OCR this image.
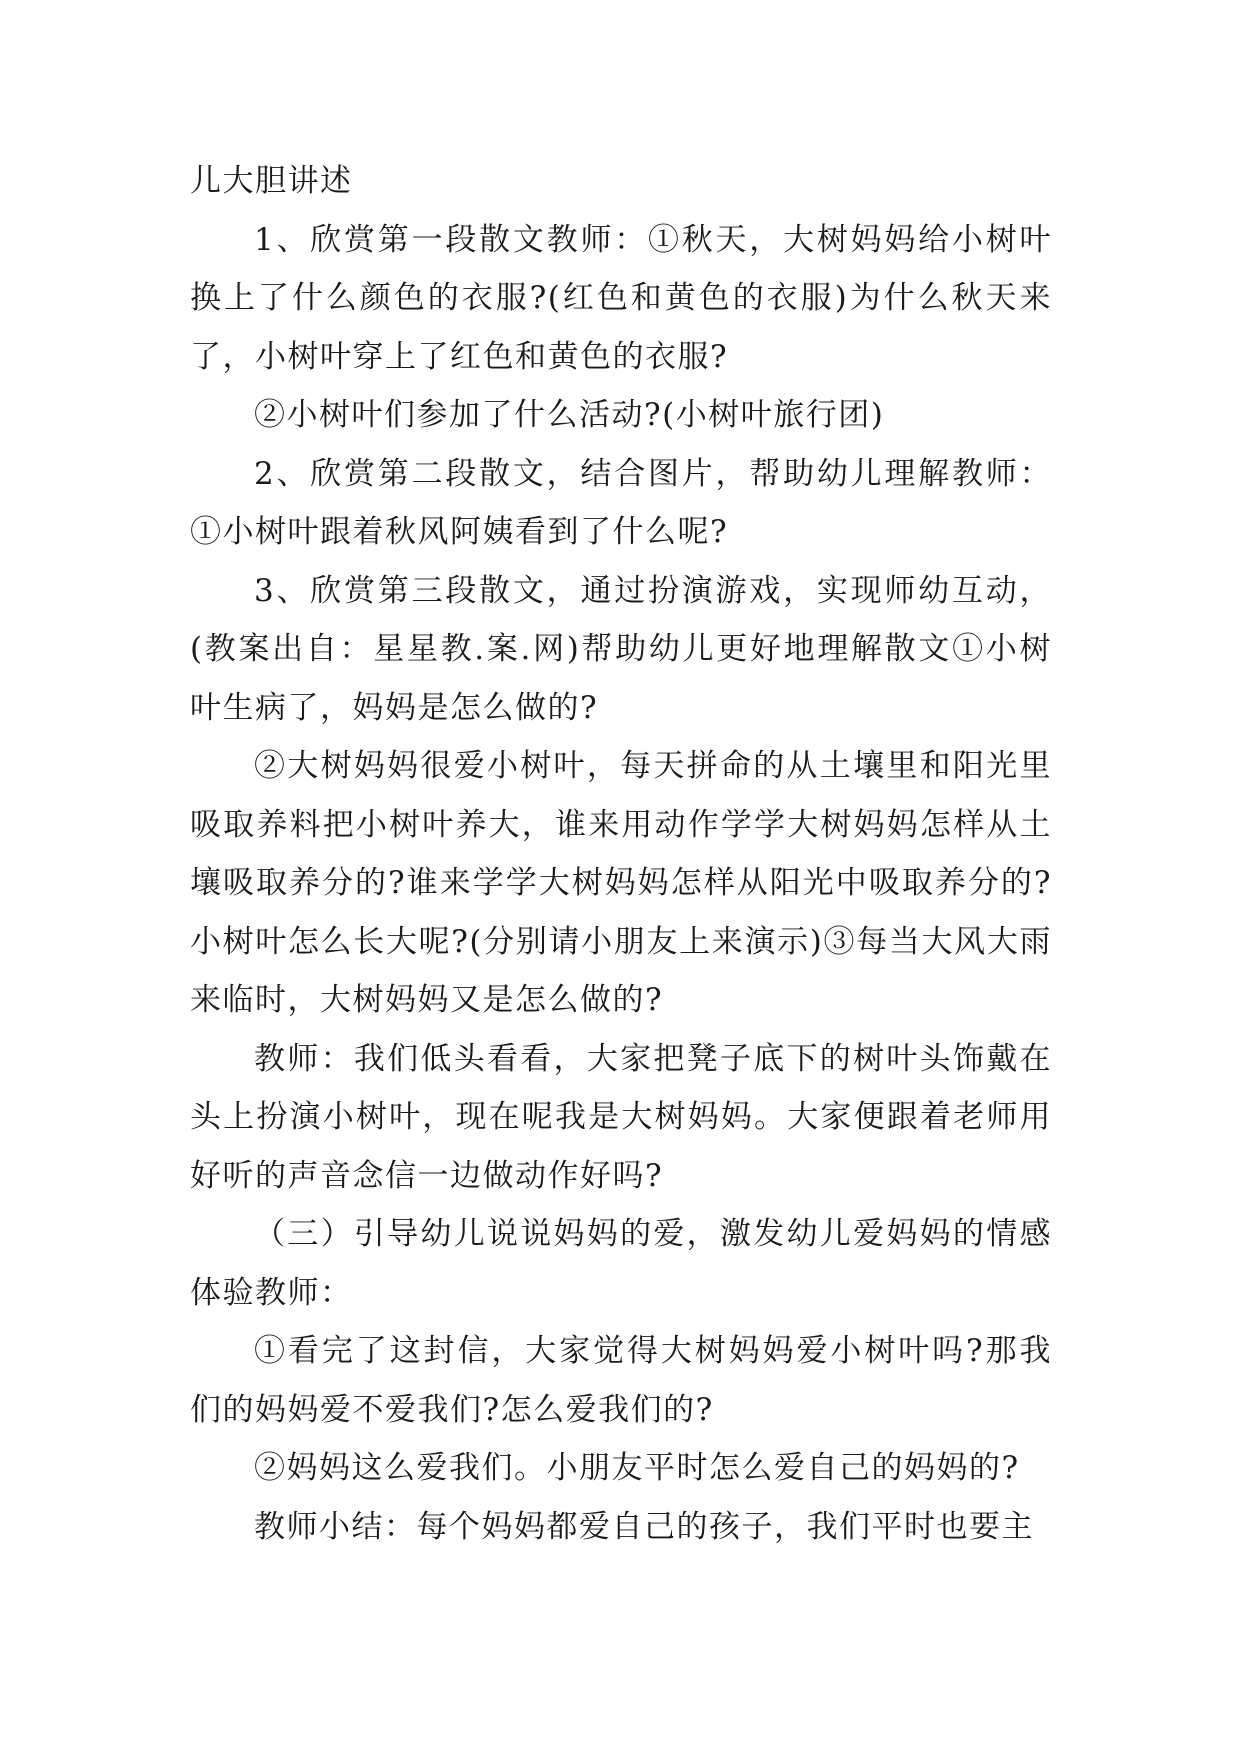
儿大胆讲述

1、欣赏第一段散文教师：①秋天，大树妈妈给小树叶换上了什么颜色的衣服?(红色和黄色的衣服)为什么秋天来了，小树叶穿上了红色和黄色的衣服?

②小树叶们参加了什么活动?(小树叶旅行团)

2、欣赏第二段散文，结合图片，帮助幼儿理解教师：①小树叶跟着秋风阿姨看到了什么呢?

3、欣赏第三段散文，通过扮演游戏，实现师幼互动，(教案出自：星星教.案.网)帮助幼儿更好地理解散文①小树叶生病了，妈妈是怎么做的?

②大树妈妈很爱小树叶，每天拼命的从土壤里和阳光里吸取养料把小树叶养大，谁来用动作学学大树妈妈怎样从土壤吸取养分的?谁来学学大树妈妈怎样从阳光中吸取养分的?小树叶怎么长大呢?(分别请小朋友上来演示)③每当大风大雨来临时，大树妈妈又是怎么做的?

教师：我们低头看看，大家把凳子底下的树叶头饰戴在头上扮演小树叶，现在呢我是大树妈妈。大家便跟着老师用好听的声音念信一边做动作好吗?

（三）引导幼儿说说妈妈的爱，激发幼儿爱妈妈的情感体验教师：

①看完了这封信，大家觉得大树妈妈爱小树叶吗?那我们的妈妈爱不爱我们?怎么爱我们的?

②妈妈这么爱我们。小朋友平时怎么爱自己的妈妈的?

教师小结：每个妈妈都爱自己的孩子，我们平时也要主
